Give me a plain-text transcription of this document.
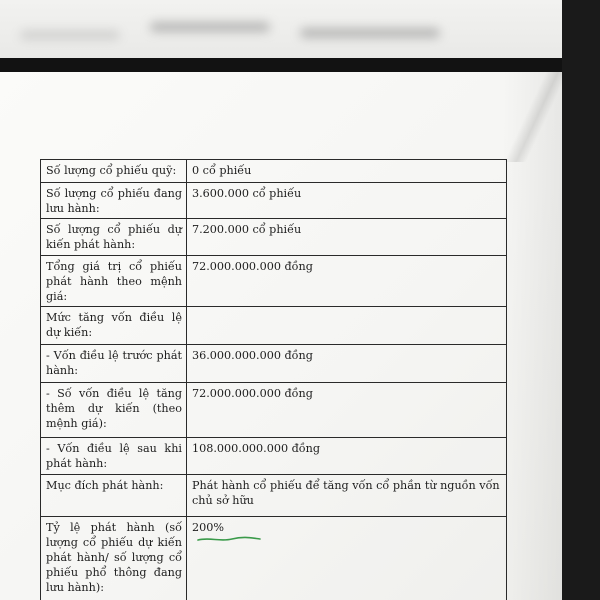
Số lượng cổ phiếu quỹ:	0 cổ phiếu
Số lượng cổ phiếu đang lưu hành:	3.600.000 cổ phiếu
Số lượng cổ phiếu dự kiến phát hành:	7.200.000 cổ phiếu
Tổng giá trị cổ phiếu phát hành theo mệnh giá:	72.000.000.000 đồng
Mức tăng vốn điều lệ dự kiến:	
- Vốn điều lệ trước phát hành:	36.000.000.000 đồng
- Số vốn điều lệ tăng thêm dự kiến (theo mệnh giá):	72.000.000.000 đồng
- Vốn điều lệ sau khi phát hành:	108.000.000.000 đồng
Mục đích phát hành:	Phát hành cổ phiếu để tăng vốn cổ phần từ nguồn vốn chủ sở hữu
Tỷ lệ phát hành (số lượng cổ phiếu dự kiến phát hành/ số lượng cổ phiếu phổ thông đang lưu hành):	200%
